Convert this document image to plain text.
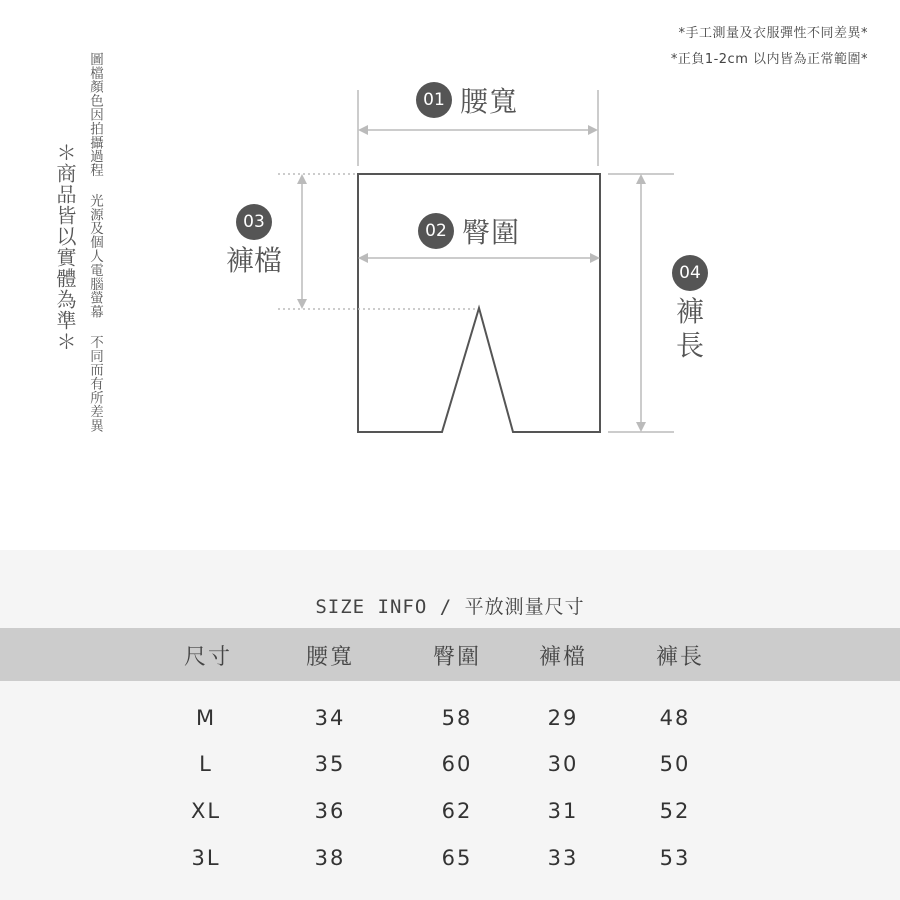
*手工測量及衣服彈性不同差異*
*正負1-2cm 以内皆為正常範圍*
＊商品皆以實體為準＊ 圖檔顏色因拍攝過程 光源及個人電腦螢幕 不同而有所差異	01 腰寬
02 臀圍
03
褲檔	04
褲長
SIZE INFO / 平放測量尺寸
尺寸	腰寬	臀圍	褲檔	褲長
M	34	58	29	48
L	35	60	30	50
XL	36	62	31	52
3L	38	65	33	53
